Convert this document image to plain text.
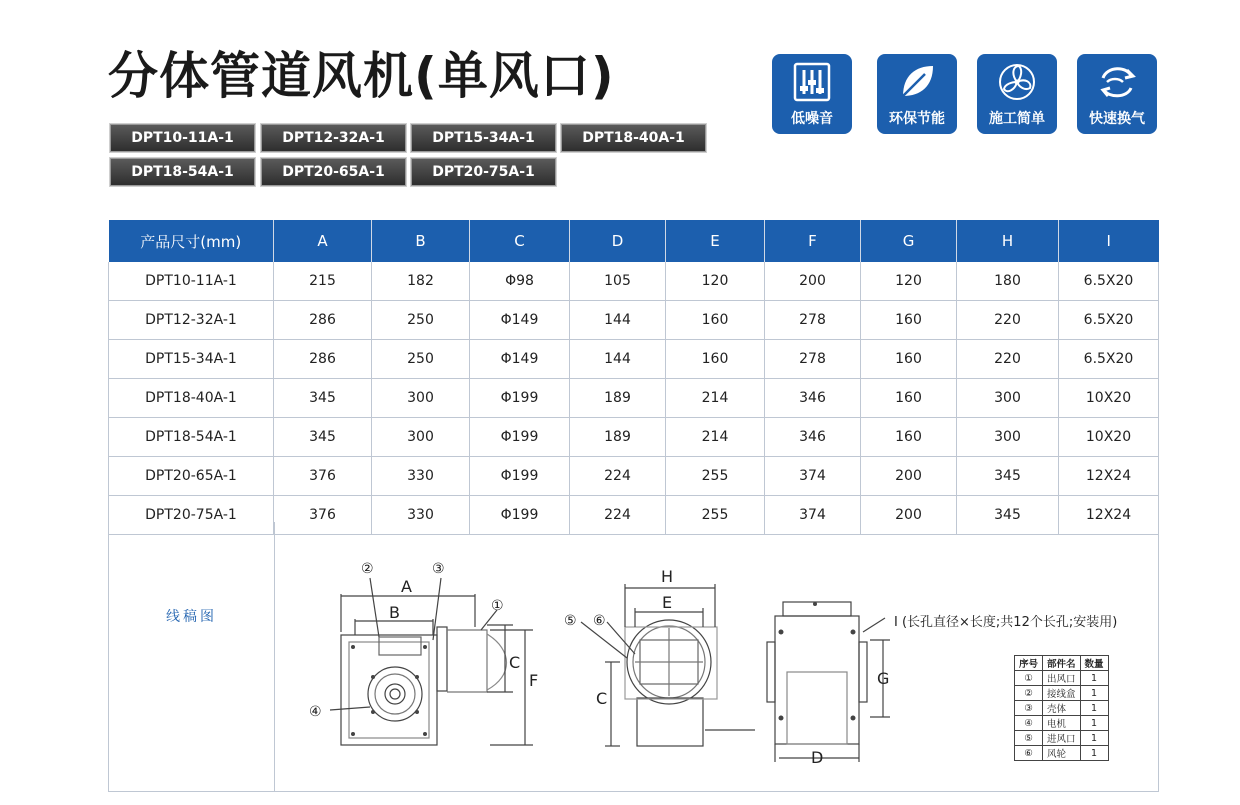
分体管道风机(单风口)
DPT10-11A-1	DPT12-32A-1	DPT15-34A-1	DPT18-40A-1
DPT18-54A-1	DPT20-65A-1	DPT20-75A-1
低噪音	环保节能	施工简单	快速换气
产品尺寸(mm)	A	B	C	D	E	F	G	H	I
DPT10-11A-1	215	182	Φ98	105	120	200	120	180	6.5X20
DPT12-32A-1	286	250	Φ149	144	160	278	160	220	6.5X20
DPT15-34A-1	286	250	Φ149	144	160	278	160	220	6.5X20
DPT18-40A-1	345	300	Φ199	189	214	346	160	300	10X20
DPT18-54A-1	345	300	Φ199	189	214	346	160	300	10X20
DPT20-65A-1	376	330	Φ199	224	255	374	200	345	12X24
DPT20-75A-1	376	330	Φ199	224	255	374	200	345	12X24
线稿图
A
B
C
F
H
E
C
G
D
②	③
①
④
⑤ ⑥	I (长孔直径×长度;共12个长孔;安装用)
序号	部件名	数量
①	出风口	1
②	接线盒	1
③	壳体	1
④	电机	1
⑤	进风口	1
⑥	风轮	1
